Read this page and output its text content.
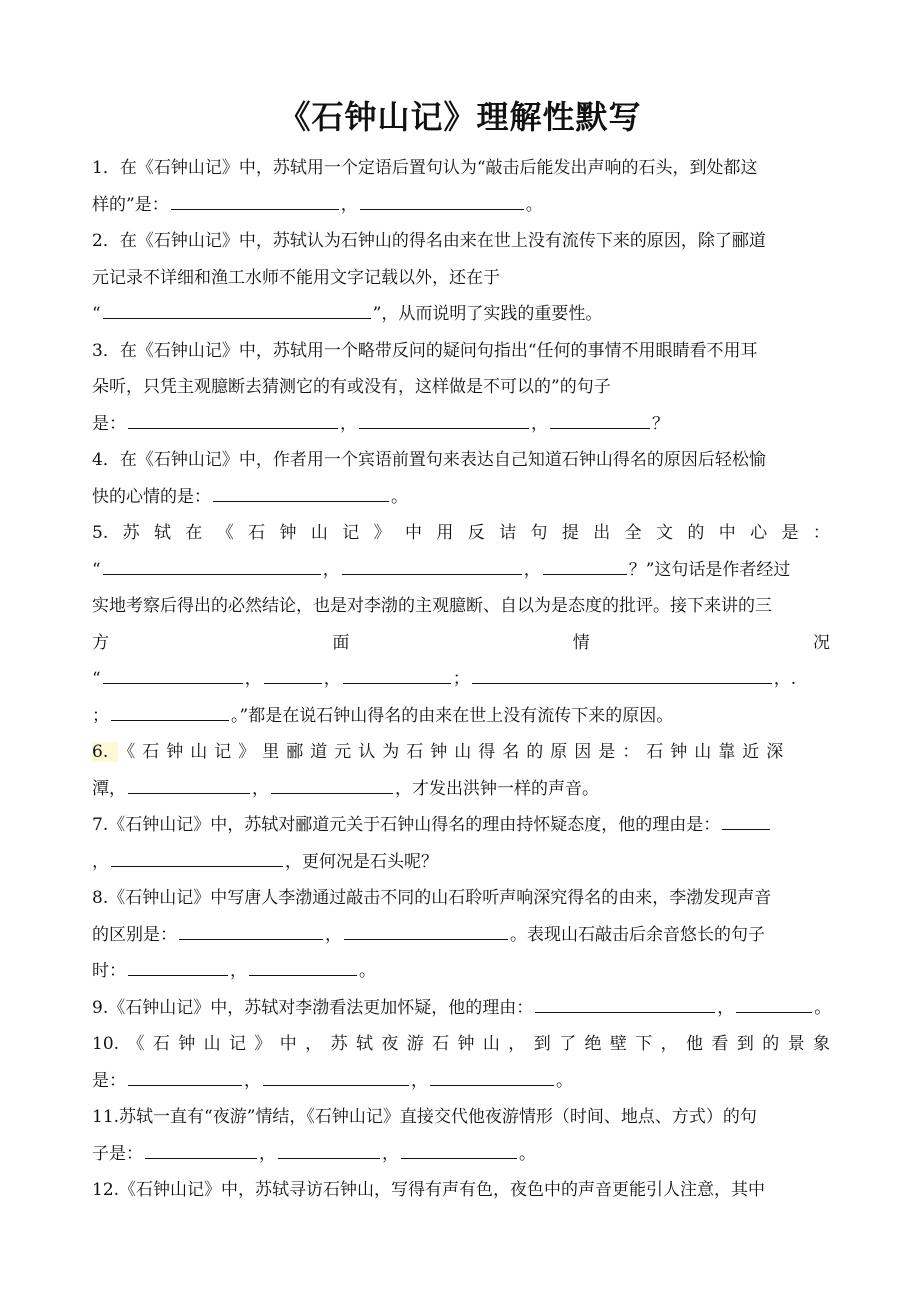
《石钟山记》理解性默写
1．在《石钟山记》中，苏轼用一个定语后置句认为“敲击后能发出声响的石头，到处都这
样的”是：	，	。
2．在《石钟山记》中，苏轼认为石钟山的得名由来在世上没有流传下来的原因，除了郦道
元记录不详细和渔工水师不能用文字记载以外，还在于
“	”，从而说明了实践的重要性。
3．在《石钟山记》中，苏轼用一个略带反问的疑问句指出“任何的事情不用眼睛看不用耳
朵听，只凭主观臆断去猜测它的有或没有，这样做是不可以的”的句子
是：	，	，	？
4．在《石钟山记》中，作者用一个宾语前置句来表达自己知道石钟山得名的原因后轻松愉
快的心情的是：	。
5. 苏 轼 在 《 石 钟 山 记 》 中 用 反 诘 句 提 出 全 文 的 中 心 是 ：
“	，	，	？”这句话是作者经过
实地考察后得出的必然结论，也是对李渤的主观臆断、自以为是态度的批评。接下来讲的三
方	面	情	况
“	，	，	；	，.
；	。”都是在说石钟山得名的由来在世上没有流传下来的原因。
6. 《石钟山记》里郦道元认为石钟山得名的原因是：石钟山靠近深
潭，	，	，才发出洪钟一样的声音。
7.《石钟山记》中，苏轼对郦道元关于石钟山得名的理由持怀疑态度，他的理由是：
，	，更何况是石头呢？
8.《石钟山记》中写唐人李渤通过敲击不同的山石聆听声响深究得名的由来，李渤发现声音
的区别是：	，	。表现山石敲击后余音悠长的句子
时：	，	。
9.《石钟山记》中，苏轼对李渤看法更加怀疑，他的理由：	，	。
10. 《 石 钟 山 记 》 中 ， 苏 轼 夜 游 石 钟 山 ， 到 了 绝 壁 下 ， 他 看 到 的 景 象
是：	，	，	。
11.苏轼一直有“夜游”情结，《石钟山记》直接交代他夜游情形（时间、地点、方式）的句
子是：	，	，	。
12.《石钟山记》中，苏轼寻访石钟山，写得有声有色，夜色中的声音更能引人注意，其中
